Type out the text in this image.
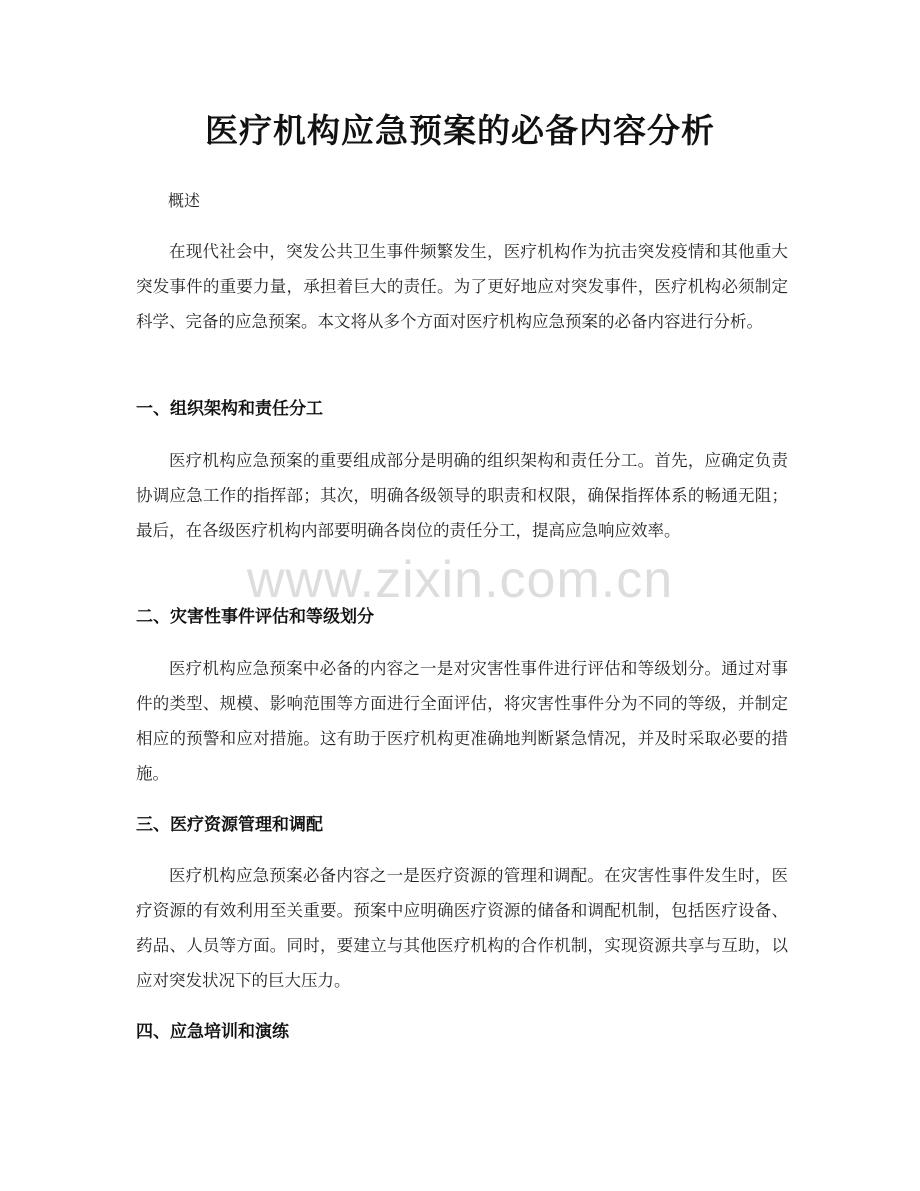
医疗机构应急预案的必备内容分析
概述

在现代社会中，突发公共卫生事件频繁发生，医疗机构作为抗击突发疫情和其他重大突发事件的重要力量，承担着巨大的责任。为了更好地应对突发事件，医疗机构必须制定科学、完备的应急预案。本文将从多个方面对医疗机构应急预案的必备内容进行分析。

一、组织架构和责任分工

医疗机构应急预案的重要组成部分是明确的组织架构和责任分工。首先，应确定负责协调应急工作的指挥部；其次，明确各级领导的职责和权限，确保指挥体系的畅通无阻；最后，在各级医疗机构内部要明确各岗位的责任分工，提高应急响应效率。

二、灾害性事件评估和等级划分

医疗机构应急预案中必备的内容之一是对灾害性事件进行评估和等级划分。通过对事件的类型、规模、影响范围等方面进行全面评估，将灾害性事件分为不同的等级，并制定相应的预警和应对措施。这有助于医疗机构更准确地判断紧急情况，并及时采取必要的措施。

三、医疗资源管理和调配

医疗机构应急预案必备内容之一是医疗资源的管理和调配。在灾害性事件发生时，医疗资源的有效利用至关重要。预案中应明确医疗资源的储备和调配机制，包括医疗设备、药品、人员等方面。同时，要建立与其他医疗机构的合作机制，实现资源共享与互助，以应对突发状况下的巨大压力。

四、应急培训和演练
www.zixin.com.cn
